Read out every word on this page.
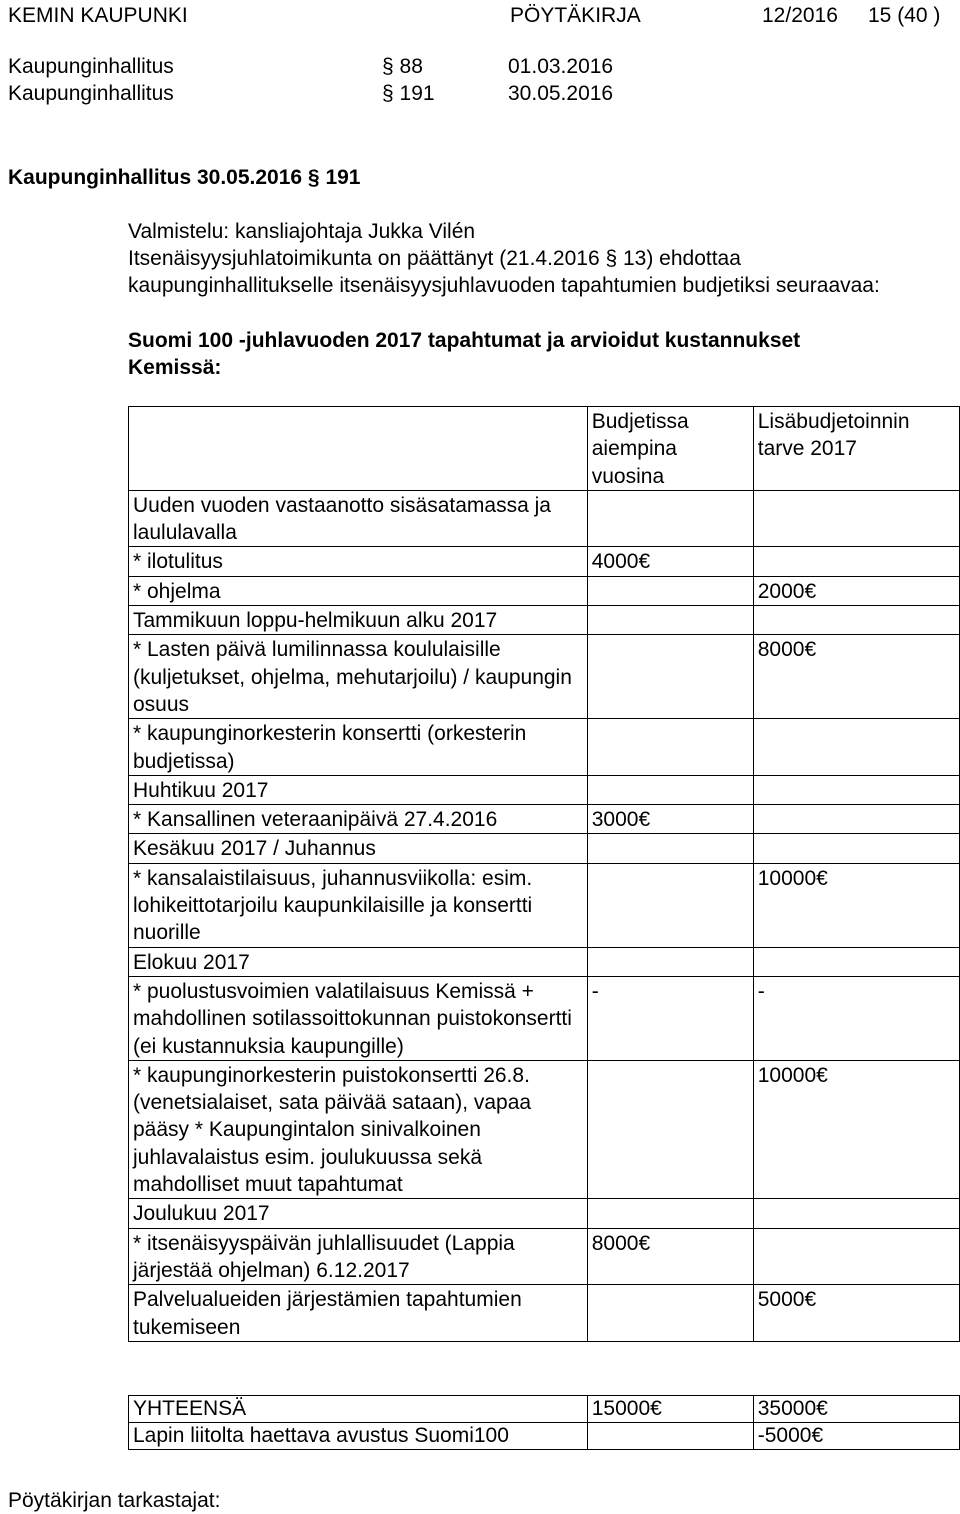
KEMIN KAUPUNKI	PÖYTÄKIRJA	12/2016 15 (40 )
Kaupunginhallitus	§ 88	01.03.2016
Kaupunginhallitus	§ 191	30.05.2016
Kaupunginhallitus 30.05.2016 § 191
Valmistelu: kansliajohtaja Jukka Vilén
Itsenäisyysjuhlatoimikunta on päättänyt (21.4.2016 § 13) ehdottaa
kaupunginhallitukselle itsenäisyysjuhlavuoden tapahtumien budjetiksi seuraavaa:
Suomi 100 -juhlavuoden 2017 tapahtumat ja arvioidut kustannukset
Kemissä:
	Budjetissa aiempina vuosina	Lisäbudjetoinnin tarve 2017
Uuden vuoden vastaanotto sisäsatamassa ja laululavalla		
* ilotulitus	4000€	
* ohjelma		2000€
Tammikuun loppu-helmikuun alku 2017		
* Lasten päivä lumilinnassa koululaisille (kuljetukset, ohjelma, mehutarjoilu) / kaupungin osuus		8000€
* kaupunginorkesterin konsertti (orkesterin budjetissa)		
Huhtikuu 2017		
* Kansallinen veteraanipäivä 27.4.2016	3000€	
Kesäkuu 2017 / Juhannus		
* kansalaistilaisuus, juhannusviikolla: esim. lohikeittotarjoilu kaupunkilaisille ja konsertti nuorille		10000€
Elokuu 2017		
* puolustusvoimien valatilaisuus Kemissä + mahdollinen sotilassoittokunnan puistokonsertti (ei kustannuksia kaupungille)	-	-
* kaupunginorkesterin puistokonsertti 26.8.(venetsialaiset, sata päivää sataan), vapaa pääsy * Kaupungintalon sinivalkoinen juhlavalaistus esim. joulukuussa sekä mahdolliset muut tapahtumat		10000€
Joulukuu 2017		
* itsenäisyyspäivän juhlallisuudet (Lappia järjestää ohjelman) 6.12.2017	8000€	
Palvelualueiden järjestämien tapahtumien tukemiseen		5000€
YHTEENSÄ	15000€	35000€
Lapin liitolta haettava avustus Suomi100		-5000€
Pöytäkirjan tarkastajat:
